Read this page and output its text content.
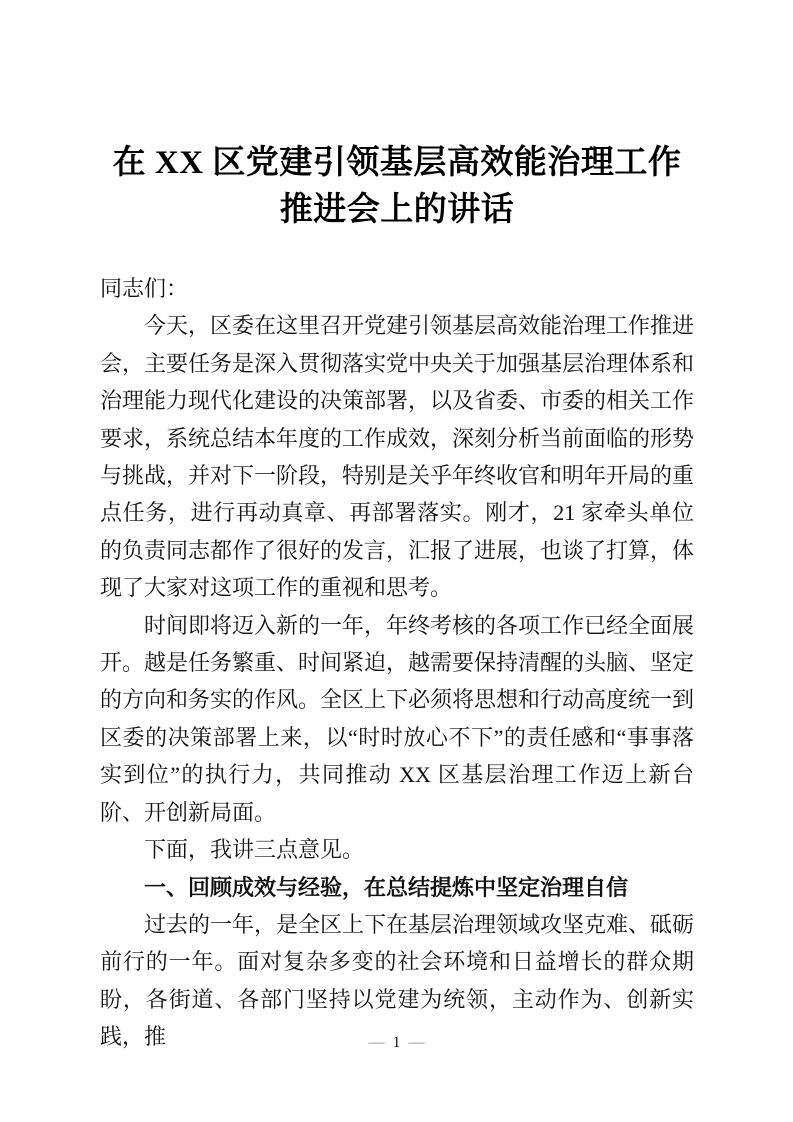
在 XX 区党建引领基层高效能治理工作推进会上的讲话

同志们：

今天，区委在这里召开党建引领基层高效能治理工作推进会，主要任务是深入贯彻落实党中央关于加强基层治理体系和治理能力现代化建设的决策部署，以及省委、市委的相关工作要求，系统总结本年度的工作成效，深刻分析当前面临的形势与挑战，并对下一阶段，特别是关乎年终收官和明年开局的重点任务，进行再动真章、再部署落实。刚才，21 家牵头单位的负责同志都作了很好的发言，汇报了进展，也谈了打算，体现了大家对这项工作的重视和思考。

时间即将迈入新的一年，年终考核的各项工作已经全面展开。越是任务繁重、时间紧迫，越需要保持清醒的头脑、坚定的方向和务实的作风。全区上下必须将思想和行动高度统一到区委的决策部署上来，以“时时放心不下”的责任感和“事事落实到位”的执行力，共同推动 XX 区基层治理工作迈上新台阶、开创新局面。

下面，我讲三点意见。

一、回顾成效与经验，在总结提炼中坚定治理自信

过去的一年，是全区上下在基层治理领域攻坚克难、砥砺前行的一年。面对复杂多变的社会环境和日益增长的群众期盼，各街道、各部门坚持以党建为统领，主动作为、创新实践，推	— 1 —
